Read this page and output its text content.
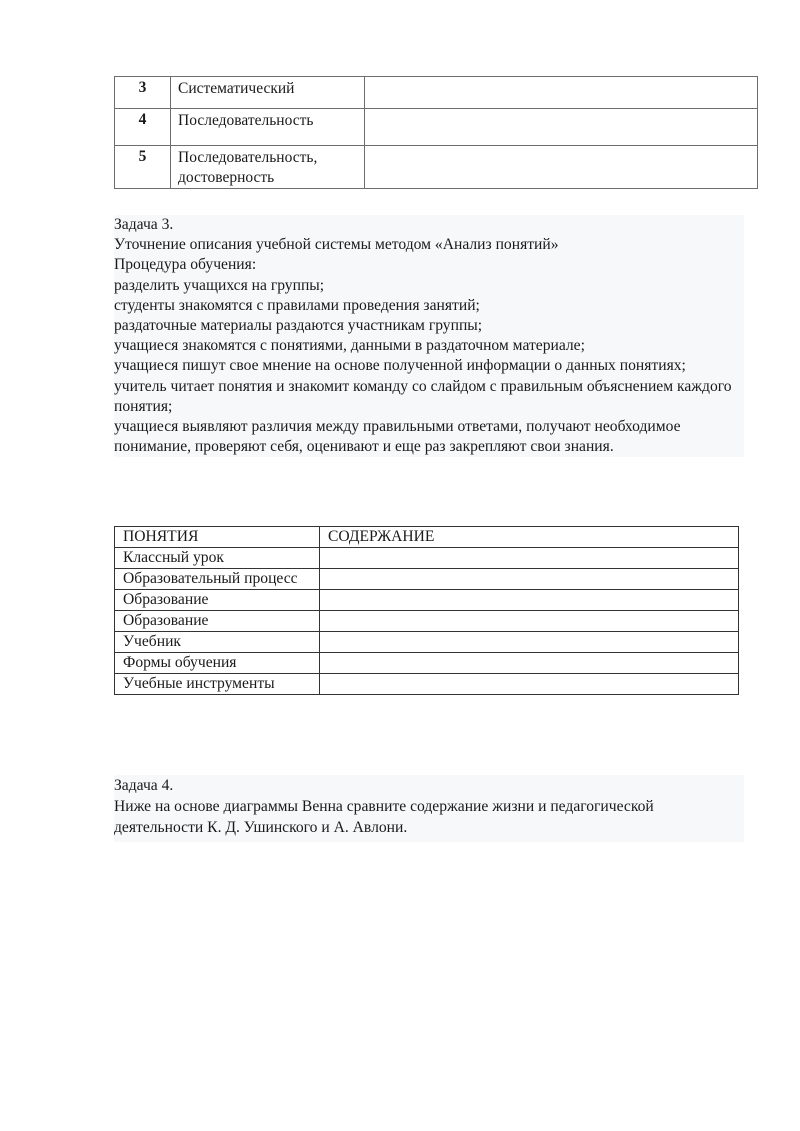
3	Систематический	
4	Последовательность	
5	Последовательность,
достоверность	
Задача 3.
Уточнение описания учебной системы методом «Анализ понятий»
Процедура обучения:
разделить учащихся на группы;
студенты знакомятся с правилами проведения занятий;
раздаточные материалы раздаются участникам группы;
учащиеся знакомятся с понятиями, данными в раздаточном материале;
учащиеся пишут свое мнение на основе полученной информации о данных понятиях;
учитель читает понятия и знакомит команду со слайдом с правильным объяснением каждого понятия;
учащиеся выявляют различия между правильными ответами, получают необходимое понимание, проверяют себя, оценивают и еще раз закрепляют свои знания.
ПОНЯТИЯ	СОДЕРЖАНИЕ
Классный урок	
Образовательный процесс	
Образование	
Образование	
Учебник	
Формы обучения	
Учебные инструменты	
Задача 4.
Ниже на основе диаграммы Венна сравните содержание жизни и педагогической деятельности К. Д. Ушинского и А. Авлони.
